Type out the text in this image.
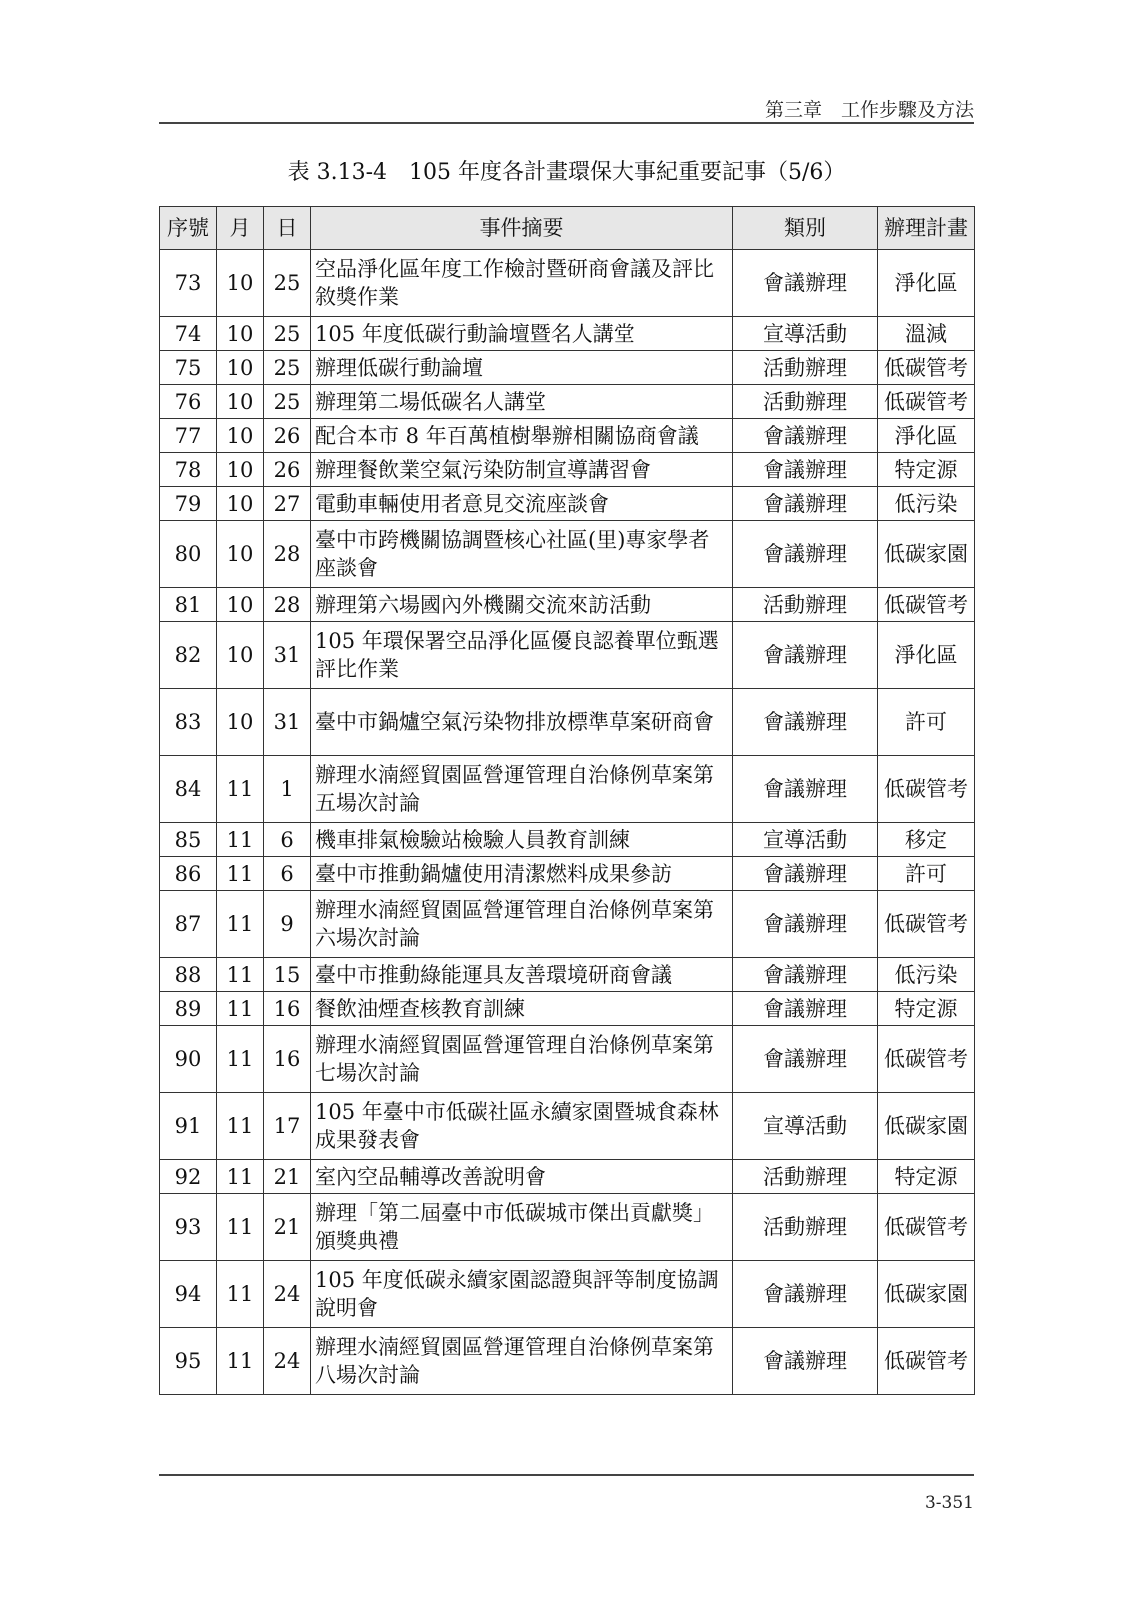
第三章　工作步驟及方法
表 3.13-4　105 年度各計畫環保大事紀重要記事（5/6）
序號	月	日	事件摘要	類別	辦理計畫
73	10	25	空品淨化區年度工作檢討暨研商會議及評比敘獎作業	會議辦理	淨化區
74	10	25	105 年度低碳行動論壇暨名人講堂	宣導活動	溫減
75	10	25	辦理低碳行動論壇	活動辦理	低碳管考
76	10	25	辦理第二場低碳名人講堂	活動辦理	低碳管考
77	10	26	配合本市 8 年百萬植樹舉辦相關協商會議	會議辦理	淨化區
78	10	26	辦理餐飲業空氣污染防制宣導講習會	會議辦理	特定源
79	10	27	電動車輛使用者意見交流座談會	會議辦理	低污染
80	10	28	臺中市跨機關協調暨核心社區(里)專家學者座談會	會議辦理	低碳家園
81	10	28	辦理第六場國內外機關交流來訪活動	活動辦理	低碳管考
82	10	31	105 年環保署空品淨化區優良認養單位甄選評比作業	會議辦理	淨化區
83	10	31	臺中市鍋爐空氣污染物排放標準草案研商會	會議辦理	許可
84	11	1	辦理水湳經貿園區營運管理自治條例草案第五場次討論	會議辦理	低碳管考
85	11	6	機車排氣檢驗站檢驗人員教育訓練	宣導活動	移定
86	11	6	臺中市推動鍋爐使用清潔燃料成果參訪	會議辦理	許可
87	11	9	辦理水湳經貿園區營運管理自治條例草案第六場次討論	會議辦理	低碳管考
88	11	15	臺中市推動綠能運具友善環境研商會議	會議辦理	低污染
89	11	16	餐飲油煙查核教育訓練	會議辦理	特定源
90	11	16	辦理水湳經貿園區營運管理自治條例草案第七場次討論	會議辦理	低碳管考
91	11	17	105 年臺中市低碳社區永續家園暨城食森林成果發表會	宣導活動	低碳家園
92	11	21	室內空品輔導改善說明會	活動辦理	特定源
93	11	21	辦理「第二屆臺中市低碳城市傑出貢獻獎」頒獎典禮	活動辦理	低碳管考
94	11	24	105 年度低碳永續家園認證與評等制度協調說明會	會議辦理	低碳家園
95	11	24	辦理水湳經貿園區營運管理自治條例草案第八場次討論	會議辦理	低碳管考
3-351
